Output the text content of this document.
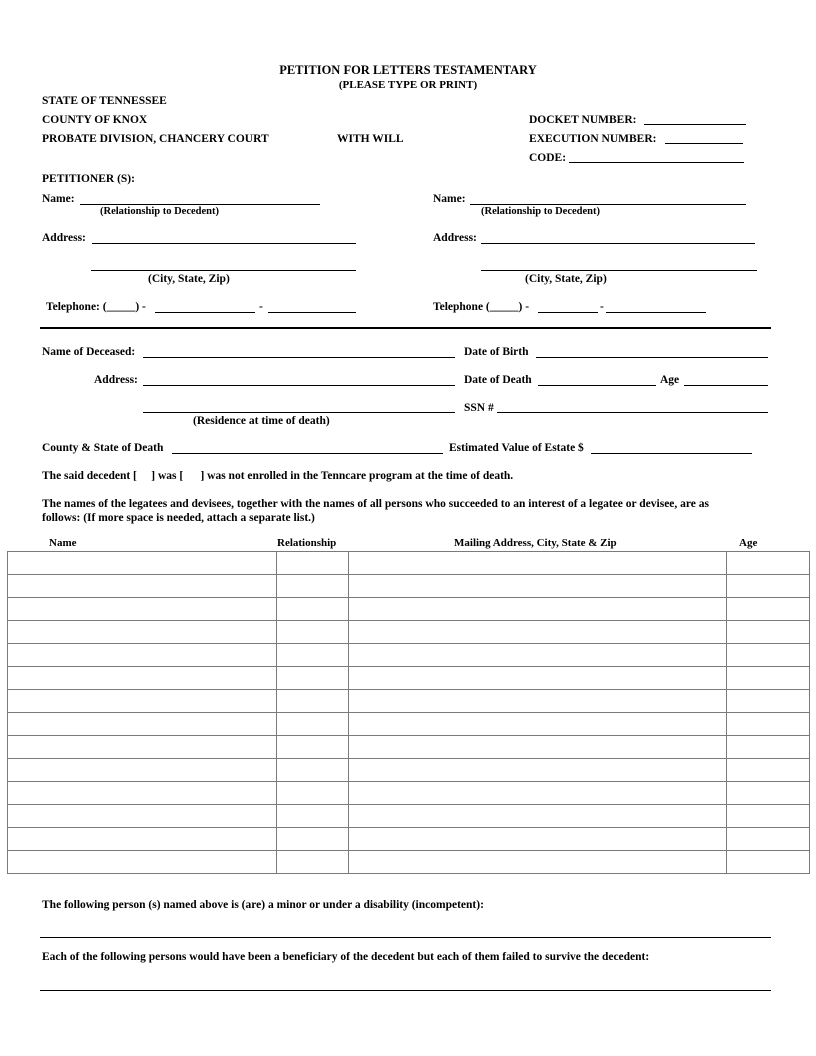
PETITION FOR LETTERS TESTAMENTARY
(PLEASE TYPE OR PRINT)
STATE OF TENNESSEE
COUNTY OF KNOX
PROBATE DIVISION, CHANCERY COURT	WITH WILL
DOCKET NUMBER:
EXECUTION NUMBER:
CODE:
PETITIONER (S):
Name:
(Relationship to Decedent)
Name:
(Relationship to Decedent)
Address:	Address:
(City, State, Zip)	(City, State, Zip)
Telephone: (_____) -	-	Telephone (_____) -	-
Name of Deceased:	Date of Birth
Address:	Date of Death	Age
(Residence at time of death)
SSN #
County & State of Death	Estimated Value of Estate $
The said decedent [     ] was [      ] was not enrolled in the Tenncare program at the time of death.
The names of the legatees and devisees, together with the names of all persons who succeeded to an interest of a legatee or devisee, are as
follows: (If more space is needed, attach a separate list.)
Name	Relationship	Mailing Address, City, State & Zip	Age

The following person (s) named above is (are) a minor or under a disability (incompetent):
Each of the following persons would have been a beneficiary of the decedent but each of them failed to survive the decedent:
